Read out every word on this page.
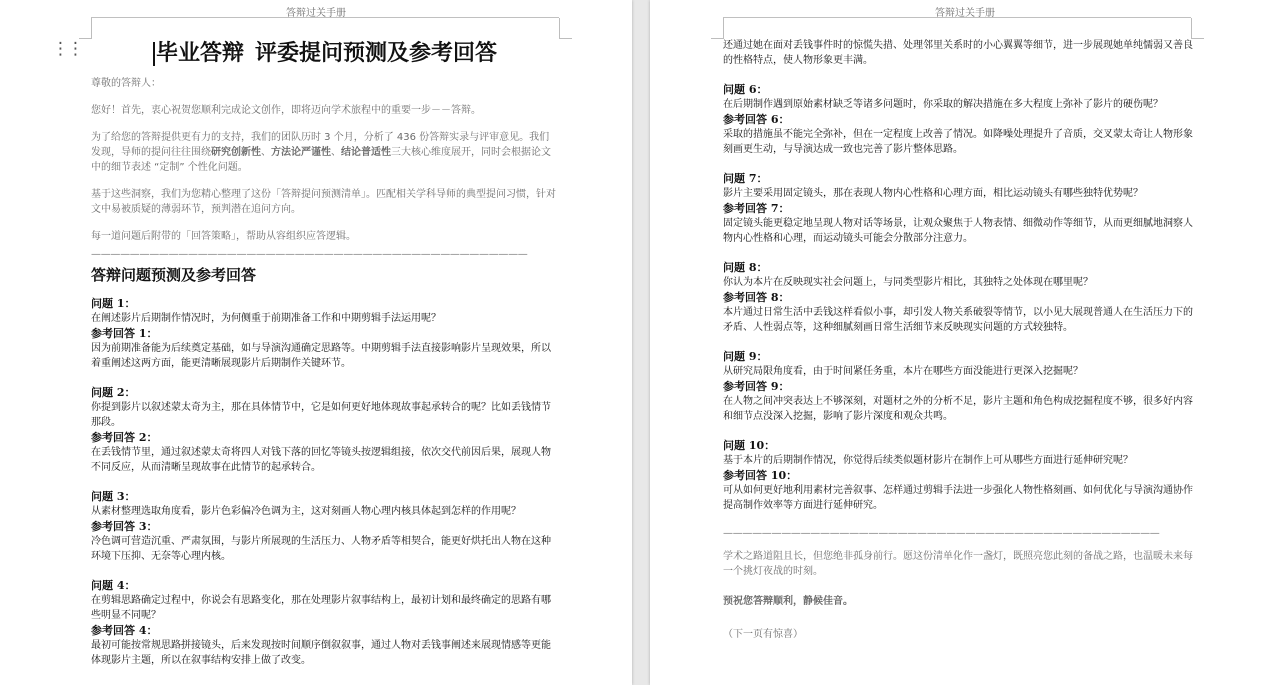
答辩过关手册
⋮⋮	毕业答辩  评委提问预测及参考回答

尊敬的答辩人：

您好！首先，衷心祝贺您顺利完成论文创作，即将迈向学术旅程中的重要一步－－答辩。

为了给您的答辩提供更有力的支持，我们的团队历时 3 个月，分析了 436 份答辩实录与评审意见。我们发现，导师的提问往往围绕研究创新性、方法论严谨性、结论普适性三大核心维度展开，同时会根据论文中的细节表述 “定制” 个性化问题。

基于这些洞察，我们为您精心整理了这份「答辩提问预测清单」。匹配相关学科导师的典型提问习惯，针对文中易被质疑的薄弱环节，预判潜在追问方向。

每一道问题后附带的「回答策略」，帮助从容组织应答逻辑。

—————————————————————————————————————————————
答辩问题预测及参考回答
问题 1：
在阐述影片后期制作情况时，为何侧重于前期准备工作和中期剪辑手法运用呢？
参考回答 1：
因为前期准备能为后续奠定基础，如与导演沟通确定思路等。中期剪辑手法直接影响影片呈现效果，所以着重阐述这两方面，能更清晰展现影片后期制作关键环节。
问题 2：
你提到影片以叙述蒙太奇为主，那在具体情节中，它是如何更好地体现故事起承转合的呢？比如丢钱情节那段。
参考回答 2：
在丢钱情节里，通过叙述蒙太奇将四人对钱下落的回忆等镜头按逻辑组接，依次交代前因后果，展现人物不同反应，从而清晰呈现故事在此情节的起承转合。
问题 3：
从素材整理选取角度看，影片色彩偏冷色调为主，这对刻画人物心理内核具体起到怎样的作用呢？
参考回答 3：
冷色调可营造沉重、严肃氛围，与影片所展现的生活压力、人物矛盾等相契合，能更好烘托出人物在这种环境下压抑、无奈等心理内核。
问题 4：
在剪辑思路确定过程中，你说会有思路变化，那在处理影片叙事结构上，最初计划和最终确定的思路有哪些明显不同呢？
参考回答 4：
最初可能按常规思路拼接镜头，后来发现按时间顺序倒叙叙事，通过人物对丢钱事阐述来展现情感等更能体现影片主题，所以在叙事结构安排上做了改变。
答辩过关手册
还通过她在面对丢钱事件时的惊慌失措、处理邻里关系时的小心翼翼等细节，进一步展现她单纯懦弱又善良的性格特点，使人物形象更丰满。
问题 6：
在后期制作遇到原始素材缺乏等诸多问题时，你采取的解决措施在多大程度上弥补了影片的硬伤呢？
参考回答 6：
采取的措施虽不能完全弥补，但在一定程度上改善了情况。如降噪处理提升了音质，交叉蒙太奇让人物形象刻画更生动，与导演达成一致也完善了影片整体思路。
问题 7：
影片主要采用固定镜头，那在表现人物内心性格和心理方面，相比运动镜头有哪些独特优势呢？
参考回答 7：
固定镜头能更稳定地呈现人物对话等场景，让观众聚焦于人物表情、细微动作等细节，从而更细腻地洞察人物内心性格和心理，而运动镜头可能会分散部分注意力。
问题 8：
你认为本片在反映现实社会问题上，与同类型影片相比，其独特之处体现在哪里呢？
参考回答 8：
本片通过日常生活中丢钱这样看似小事，却引发人物关系破裂等情节，以小见大展现普通人在生活压力下的矛盾、人性弱点等，这种细腻刻画日常生活细节来反映现实问题的方式较独特。
问题 9：
从研究局限角度看，由于时间紧任务重，本片在哪些方面没能进行更深入挖掘呢？
参考回答 9：
在人物之间冲突表达上不够深刻，对题材之外的分析不足，影片主题和角色构成挖掘程度不够，很多好内容和细节点没深入挖掘，影响了影片深度和观众共鸣。
问题 10：
基于本片的后期制作情况，你觉得后续类似题材影片在制作上可从哪些方面进行延伸研究呢？
参考回答 10：
可从如何更好地利用素材完善叙事、怎样通过剪辑手法进一步强化人物性格刻画、如何优化与导演沟通协作提高制作效率等方面进行延伸研究。
—————————————————————————————————————————————

学术之路道阻且长，但您绝非孤身前行。愿这份清单化作一盏灯，既照亮您此刻的备战之路，也温暖未来每一个挑灯夜战的时刻。

预祝您答辩顺利，静候佳音。

（下一页有惊喜）
